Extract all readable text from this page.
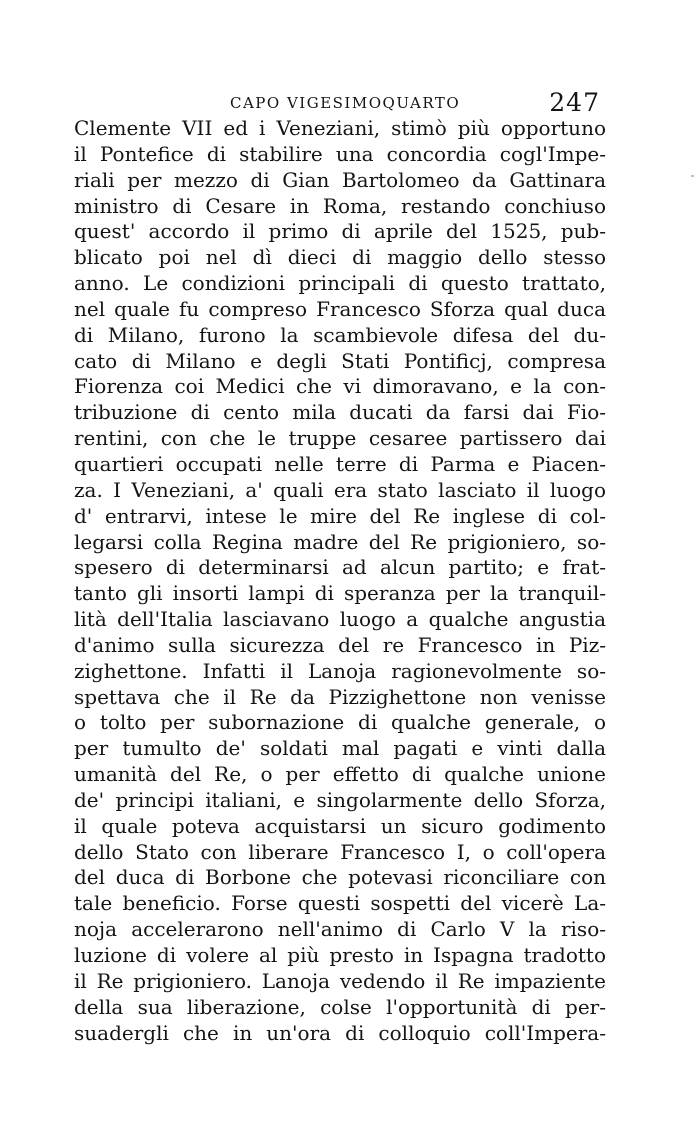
CAPO VIGESIMOQUARTO	247
Clemente VII ed i Veneziani, stimò più opportuno
il Pontefice di stabilire una concordia cogl'Impe-
riali per mezzo di Gian Bartolomeo da Gattinara
ministro di Cesare in Roma, restando conchiuso
quest' accordo il primo di aprile del 1525, pub-
blicato poi nel dì dieci di maggio dello stesso
anno. Le condizioni principali di questo trattato,
nel quale fu compreso Francesco Sforza qual duca
di Milano, furono la scambievole difesa del du-
cato di Milano e degli Stati Pontificj, compresa
Fiorenza coi Medici che vi dimoravano, e la con-
tribuzione di cento mila ducati da farsi dai Fio-
rentini, con che le truppe cesaree partissero dai
quartieri occupati nelle terre di Parma e Piacen-
za. I Veneziani, a' quali era stato lasciato il luogo
d' entrarvi, intese le mire del Re inglese di col-
legarsi colla Regina madre del Re prigioniero, so-
spesero di determinarsi ad alcun partito; e frat-
tanto gli insorti lampi di speranza per la tranquil-
lità dell'Italia lasciavano luogo a qualche angustia
d'animo sulla sicurezza del re Francesco in Piz-
zighettone. Infatti il Lanoja ragionevolmente so-
spettava che il Re da Pizzighettone non venisse
o tolto per subornazione di qualche generale, o
per tumulto de' soldati mal pagati e vinti dalla
umanità del Re, o per effetto di qualche unione
de' principi italiani, e singolarmente dello Sforza,
il quale poteva acquistarsi un sicuro godimento
dello Stato con liberare Francesco I, o coll'opera
del duca di Borbone che potevasi riconciliare con
tale beneficio. Forse questi sospetti del vicerè La-
noja accelerarono nell'animo di Carlo V la riso-
luzione di volere al più presto in Ispagna tradotto
il Re prigioniero. Lanoja vedendo il Re impaziente
della sua liberazione, colse l'opportunità di per-
suadergli che in un'ora di colloquio coll'Impera-
